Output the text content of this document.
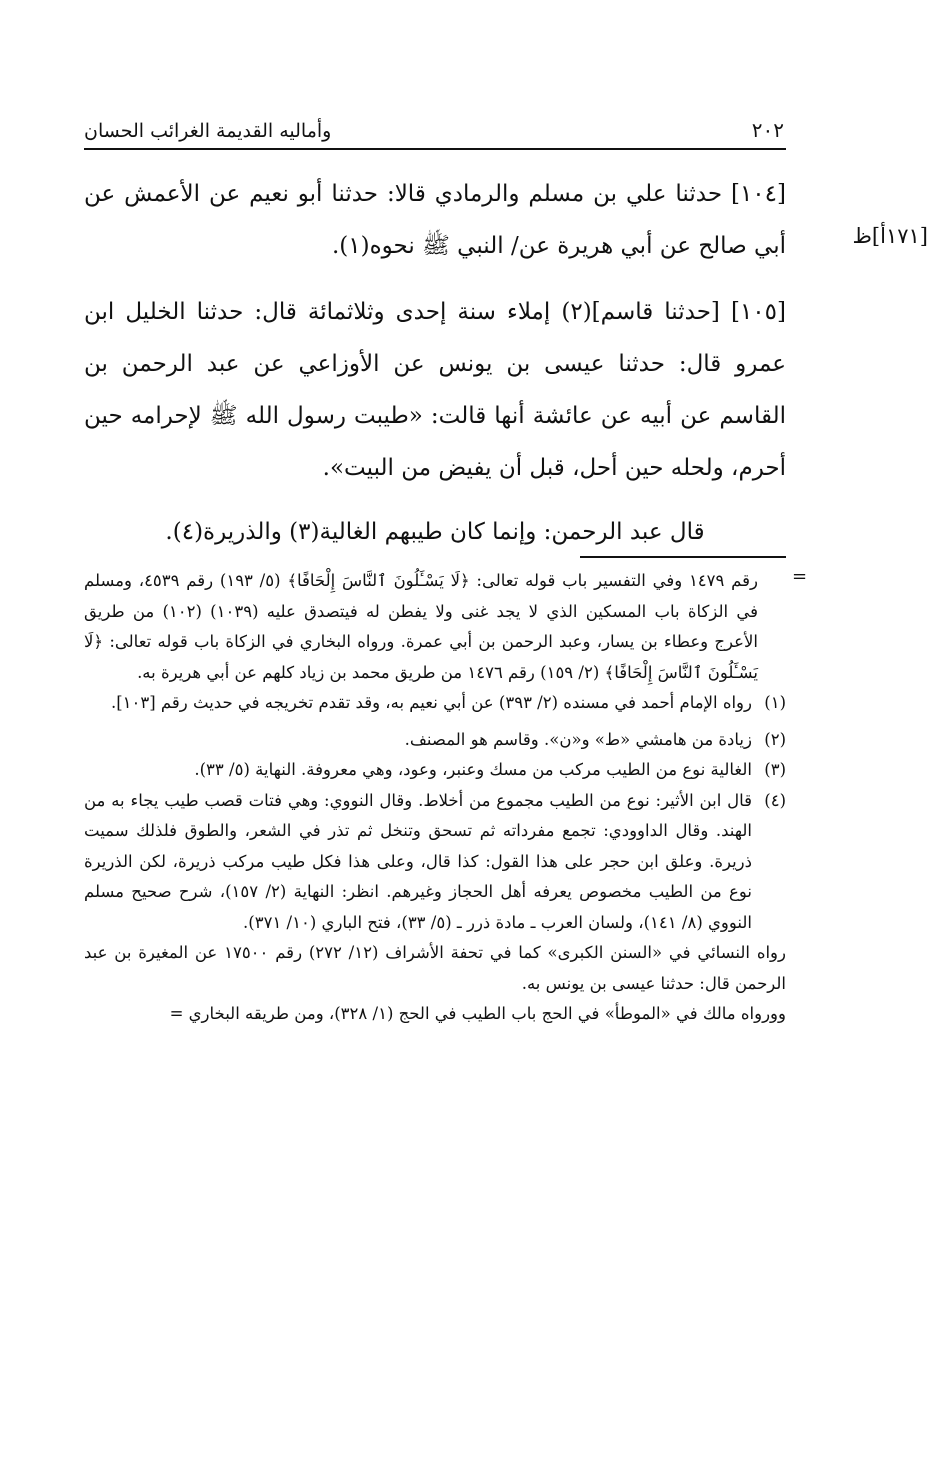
٢٠٢
وأماليه القديمة الغرائب الحسان
[١٧١أ]ظ

[١٠٤] حدثنا علي بن مسلم والرمادي قالا: حدثنا أبو نعيم عن الأعمش عن أبي صالح عن أبي هريرة عن/ النبي ﷺ نحوه(١).

[١٠٥] [حدثنا قاسم](٢) إملاء سنة إحدى وثلاثمائة قال: حدثنا الخليل ابن عمرو قال: حدثنا عيسى بن يونس عن الأوزاعي عن عبد الرحمن بن القاسم عن أبيه عن عائشة أنها قالت: «طيبت رسول الله ﷺ لإحرامه حين أحرم، ولحله حين أحل، قبل أن يفيض من البيت».

قال عبد الرحمن: وإنما كان طيبهم الغالية(٣) والذريرة(٤).

=

رقم ١٤٧٩ وفي التفسير باب قوله تعالى: ﴿لَا يَسْـَٔلُونَ ٱلنَّاسَ إِلْحَافًا﴾ (٥/ ١٩٣) رقم ٤٥٣٩، ومسلم في الزكاة باب المسكين الذي لا يجد غنى ولا يفطن له فيتصدق عليه (١٠٣٩) (١٠٢) من طريق الأعرج وعطاء بن يسار، وعبد الرحمن بن أبي عمرة. ورواه البخاري في الزكاة باب قوله تعالى: ﴿لَا يَسْـَٔلُونَ ٱلنَّاسَ إِلْحَافًا﴾ (٢/ ١٥٩) رقم ١٤٧٦ من طريق محمد بن زياد كلهم عن أبي هريرة به.

(١)
رواه الإمام أحمد في مسنده (٢/ ٣٩٣) عن أبي نعيم به، وقد تقدم تخريجه في حديث رقم [١٠٣].
(٢)
زيادة من هامشي «ط» و«ن». وقاسم هو المصنف.
(٣)
الغالية نوع من الطيب مركب من مسك وعنبر، وعود، وهي معروفة. النهاية (٥/ ٣٣).
(٤)
قال ابن الأثير: نوع من الطيب مجموع من أخلاط. وقال النووي: وهي فتات قصب طيب يجاء به من الهند. وقال الداوودي: تجمع مفرداته ثم تسحق وتنخل ثم تذر في الشعر، والطوق فلذلك سميت ذريرة. وعلق ابن حجر على هذا القول: كذا قال، وعلى هذا فكل طيب مركب ذريرة، لكن الذريرة نوع من الطيب مخصوص يعرفه أهل الحجاز وغيرهم. انظر: النهاية (٢/ ١٥٧)، شرح صحيح مسلم النووي (٨/ ١٤١)، ولسان العرب ـ مادة ذرر ـ (٥/ ٣٣)، فتح الباري (١٠/ ٣٧١).

رواه النسائي في «السنن الكبرى» كما في تحفة الأشراف (١٢/ ٢٧٢) رقم ١٧٥٠٠ عن المغيرة بن عبد الرحمن قال: حدثنا عيسى بن يونس به.

وورواه مالك في «الموطأ» في الحج باب الطيب في الحج (١/ ٣٢٨)، ومن طريقه البخاري =
